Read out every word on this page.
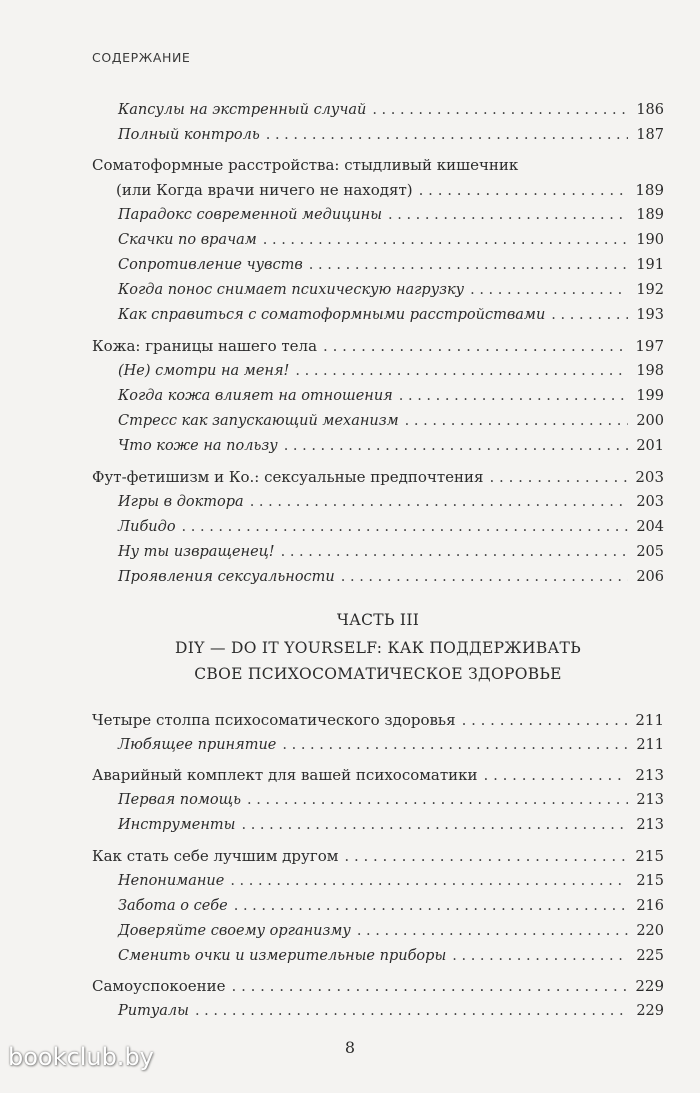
СОДЕРЖАНИЕ
Капсулы на экстренный случай . . .	186
Полный контроль . . .	187
Соматоформные расстройства: стыдливый кишечник
(или Когда врачи ничего не находят) . . .	189
Парадокс современной медицины . . .	189
Скачки по врачам . . .	190
Сопротивление чувств . . .	191
Когда понос снимает психическую нагрузку . . .	192
Как справиться с соматоформными расстройствами . . .	193
Кожа: границы нашего тела . . .	197
(Не) смотри на меня! . . .	198
Когда кожа влияет на отношения . . .	199
Стресс как запускающий механизм . . .	200
Что коже на пользу . . .	201
Фут-фетишизм и Ко.: сексуальные предпочтения . . .	203
Игры в доктора . . .	203
Либидо . . .	204
Ну ты извращенец! . . .	205
Проявления сексуальности . . .	206
ЧАСТЬ III
DIY — DO IT YOURSELF: КАК ПОДДЕРЖИВАТЬ
СВОЕ ПСИХОСОМАТИЧЕСКОЕ ЗДОРОВЬЕ
Четыре столпа психосоматического здоровья . . .	211
Любящее принятие . . .	211
Аварийный комплект для вашей психосоматики . . .	213
Первая помощь . . .	213
Инструменты . . .	213
Как стать себе лучшим другом . . .	215
Непонимание . . .	215
Забота о себе . . .	216
Доверяйте своему организму . . .	220
Сменить очки и измерительные приборы . . .	225
Самоуспокоение . . .	229
Ритуалы . . .	229
8
bookclub.by
